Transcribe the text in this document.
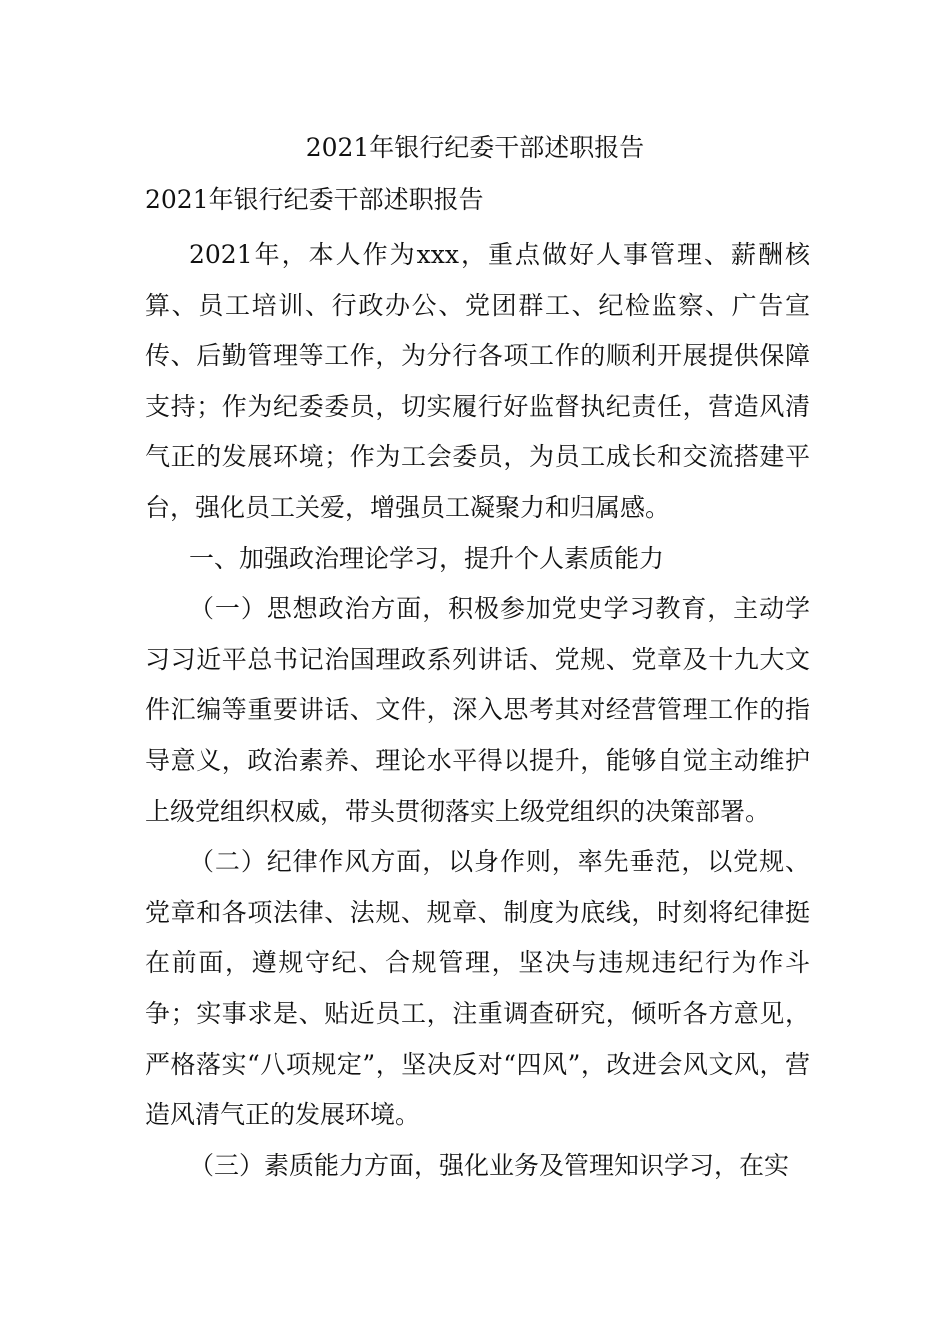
2021年银行纪委干部述职报告
2021年银行纪委干部述职报告

2021年，本人作为xxx，重点做好人事管理、薪酬核算、员工培训、行政办公、党团群工、纪检监察、广告宣传、后勤管理等工作，为分行各项工作的顺利开展提供保障支持；作为纪委委员，切实履行好监督执纪责任，营造风清气正的发展环境；作为工会委员，为员工成长和交流搭建平台，强化员工关爱，增强员工凝聚力和归属感。

一、加强政治理论学习，提升个人素质能力

（一）思想政治方面，积极参加党史学习教育，主动学习习近平总书记治国理政系列讲话、党规、党章及十九大文件汇编等重要讲话、文件，深入思考其对经营管理工作的指导意义，政治素养、理论水平得以提升，能够自觉主动维护上级党组织权威，带头贯彻落实上级党组织的决策部署。

（二）纪律作风方面，以身作则，率先垂范，以党规、党章和各项法律、法规、规章、制度为底线，时刻将纪律挺在前面，遵规守纪、合规管理，坚决与违规违纪行为作斗争；实事求是、贴近员工，注重调查研究，倾听各方意见，严格落实“八项规定”，坚决反对“四风”，改进会风文风，营造风清气正的发展环境。

（三）素质能力方面，强化业务及管理知识学习，在实
